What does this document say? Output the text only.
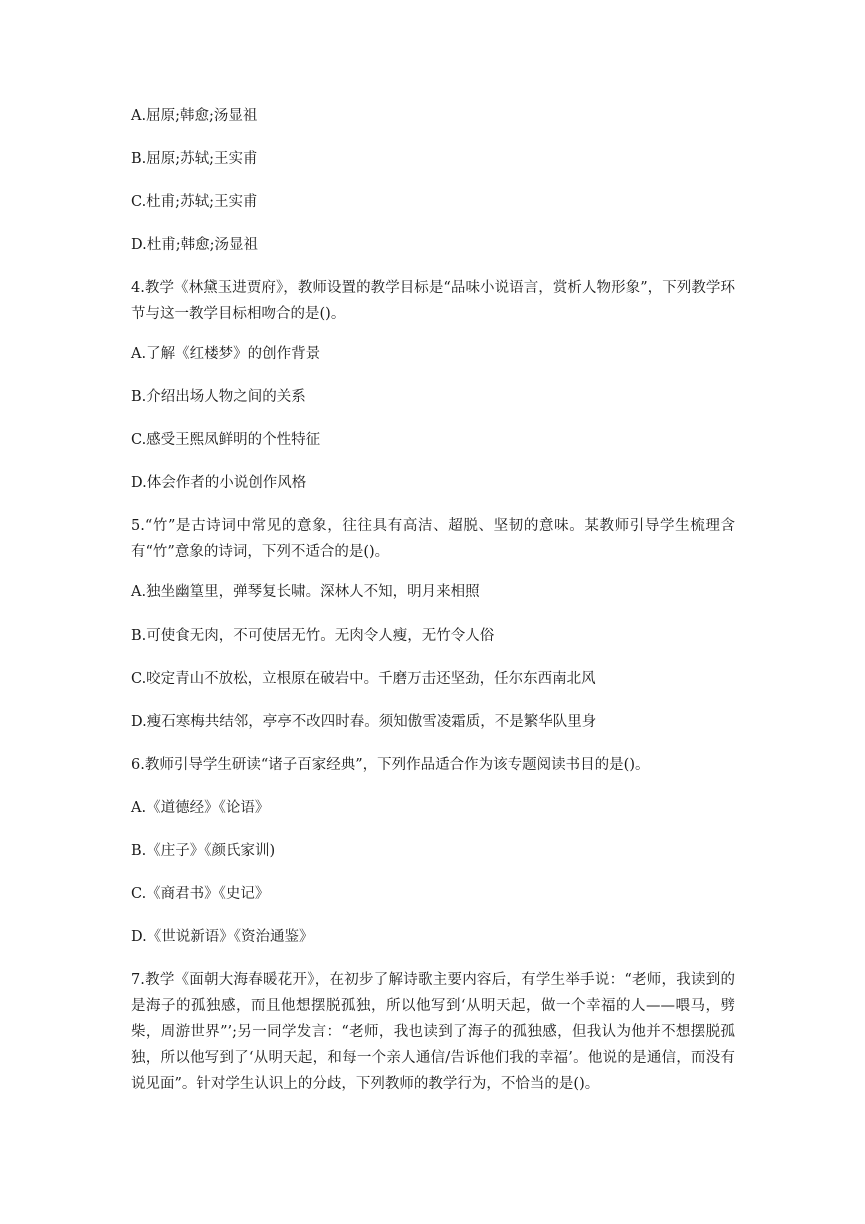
A.屈原;韩愈;汤显祖

B.屈原;苏轼;王实甫

C.杜甫;苏轼;王实甫

D.杜甫;韩愈;汤显祖

4.教学《林黛玉进贾府》，教师设置的教学目标是“品味小说语言，赏析人物形象”，下列教学环节与这一教学目标相吻合的是()。

A.了解《红楼梦》的创作背景

B.介绍出场人物之间的关系

C.感受王熙凤鲜明的个性特征

D.体会作者的小说创作风格

5.“竹”是古诗词中常见的意象，往往具有高洁、超脱、坚韧的意味。某教师引导学生梳理含有“竹”意象的诗词，下列不适合的是()。

A.独坐幽篁里，弹琴复长啸。深林人不知，明月来相照

B.可使食无肉，不可使居无竹。无肉令人瘦，无竹令人俗

C.咬定青山不放松，立根原在破岩中。千磨万击还坚劲，任尔东西南北风

D.瘦石寒梅共结邻，亭亭不改四时春。须知傲雪凌霜质，不是繁华队里身

6.教师引导学生研读“诸子百家经典”，下列作品适合作为该专题阅读书目的是()。

A.《道德经》《论语》

B.《庄子》《颜氏家训)

C.《商君书》《史记》

D.《世说新语》《资治通鉴》

7.教学《面朝大海春暖花开》，在初步了解诗歌主要内容后，有学生举手说：“老师，我读到的是海子的孤独感，而且他想摆脱孤独，所以他写到‘从明天起，做一个幸福的人——喂马，劈柴，周游世界”’;另一同学发言：“老师，我也读到了海子的孤独感，但我认为他并不想摆脱孤独，所以他写到了‘从明天起，和每一个亲人通信/告诉他们我的幸福’。他说的是通信，而没有说见面”。针对学生认识上的分歧，下列教师的教学行为，不恰当的是()。
